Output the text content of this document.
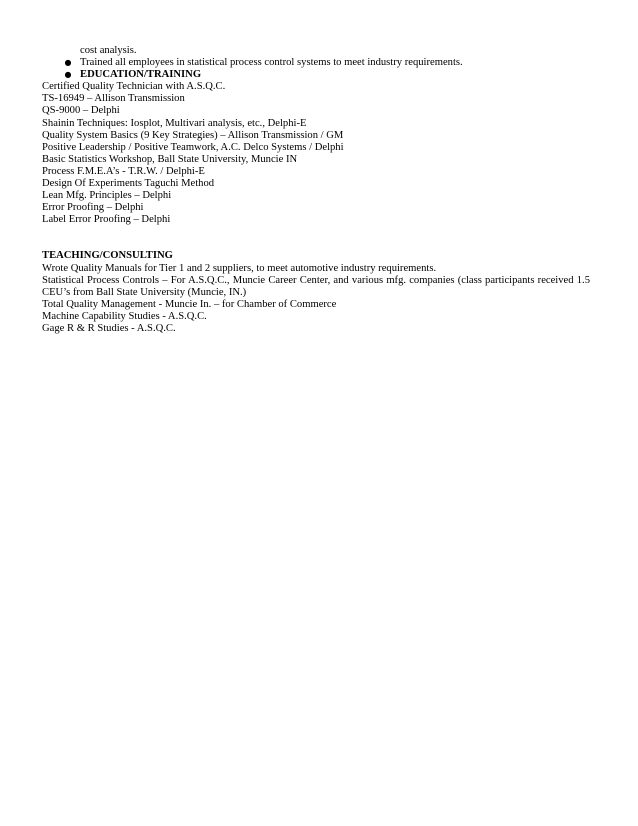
cost analysis.

● Trained all employees in statistical process control systems to meet industry requirements.
● EDUCATION/TRAINING

Certified Quality Technician with A.S.Q.C.

TS-16949 – Allison Transmission

QS-9000 – Delphi

Shainin Techniques: Iosplot, Multivari analysis, etc., Delphi-E

Quality System Basics (9 Key Strategies) – Allison Transmission / GM

Positive Leadership / Positive Teamwork, A.C. Delco Systems / Delphi

Basic Statistics Workshop, Ball State University, Muncie IN

Process F.M.E.A’s - T.R.W. / Delphi-E

Design Of Experiments Taguchi Method

Lean Mfg. Principles – Delphi

Error Proofing – Delphi

Label Error Proofing – Delphi

TEACHING/CONSULTING

Wrote Quality Manuals for Tier 1 and 2 suppliers, to meet automotive industry requirements.

Statistical Process Controls – For A.S.Q.C., Muncie Career Center, and various mfg. companies (class participants received 1.5 CEU’s from Ball State University (Muncie, IN.)

Total Quality Management - Muncie In. – for Chamber of Commerce

Machine Capability Studies - A.S.Q.C.

Gage R & R Studies - A.S.Q.C.
